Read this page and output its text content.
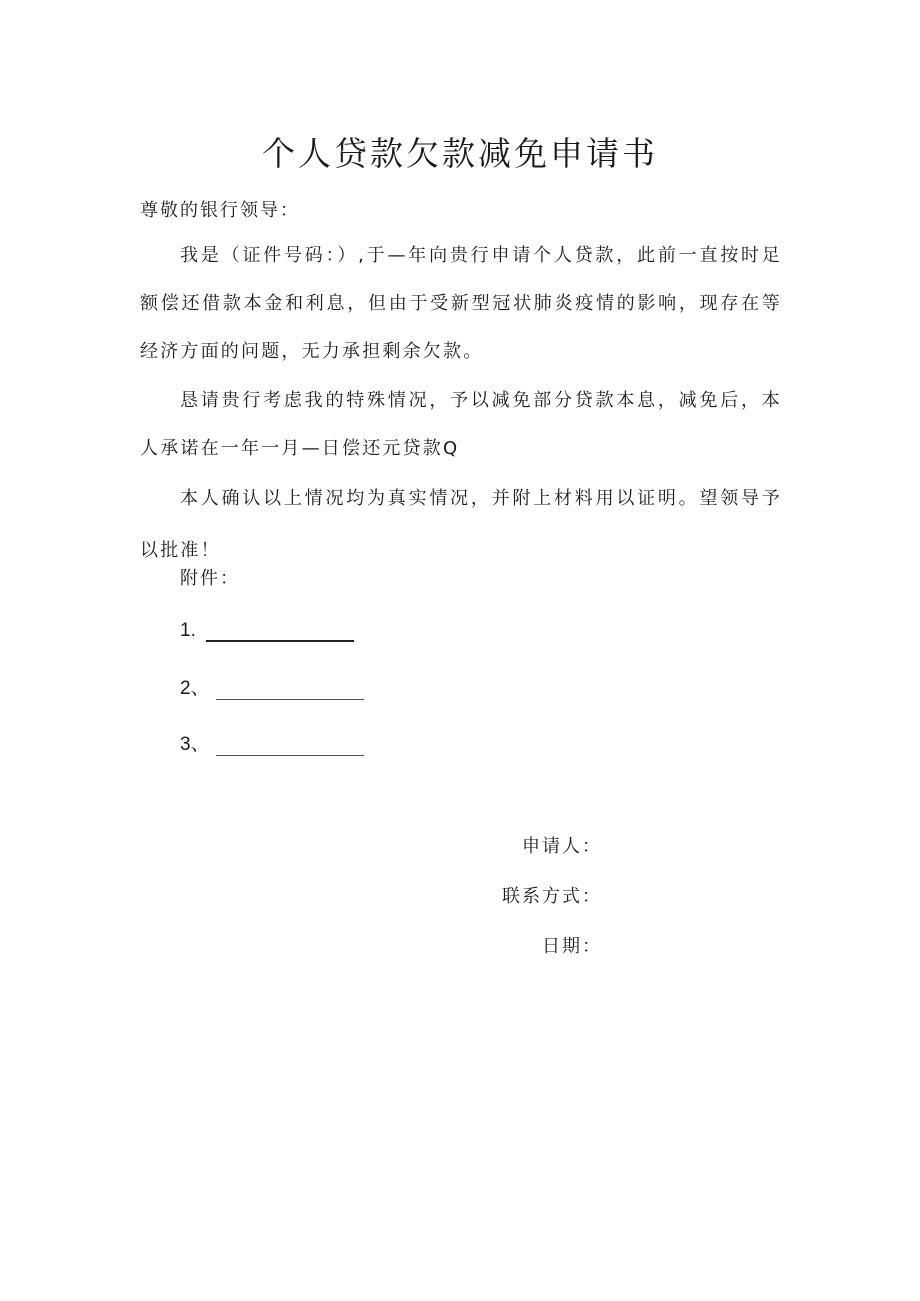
个人贷款欠款减免申请书
尊敬的银行领导：

我是（证件号码：）,于—年向贵行申请个人贷款，此前一直按时足额偿还借款本金和利息，但由于受新型冠状肺炎疫情的影响，现存在等经济方面的问题，无力承担剩余欠款。

恳请贵行考虑我的特殊情况，予以减免部分贷款本息，减免后，本人承诺在一年一月—日偿还元贷款Q

本人确认以上情况均为真实情况，并附上材料用以证明。望领导予以批准！

附件：
1.
2、
3、
申请人：
联系方式：
日期：
